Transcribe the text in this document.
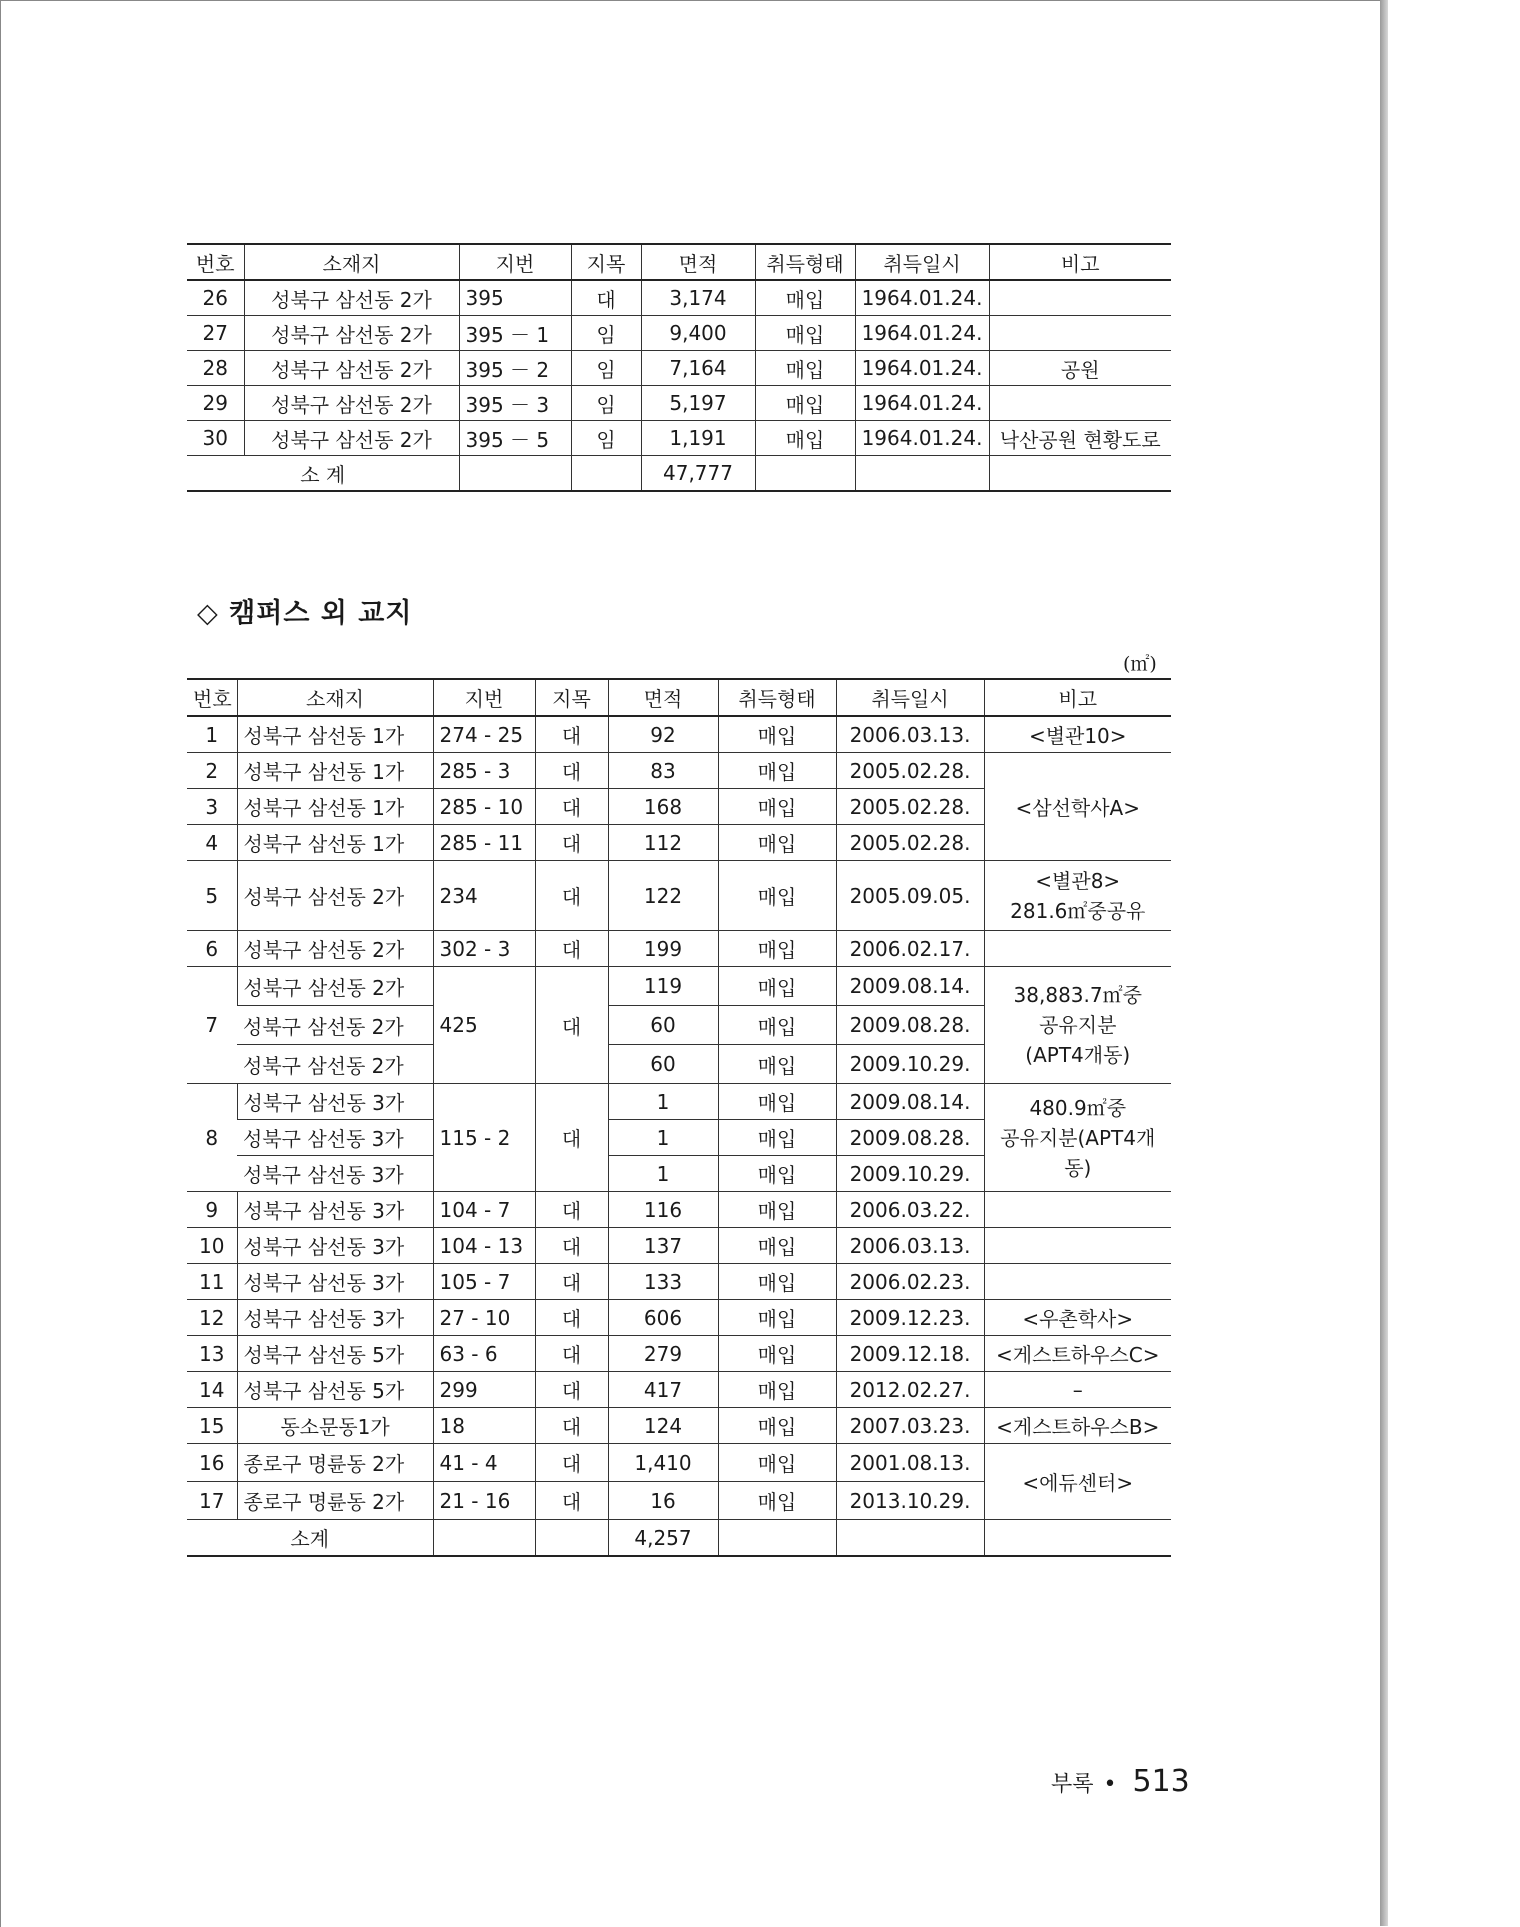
번호	소재지	지번	지목	면적	취득형태	취득일시	비고
26	성북구 삼선동 2가	395	대	3,174	매입	1964.01.24.	
27	성북구 삼선동 2가	395 － 1	임	9,400	매입	1964.01.24.	
28	성북구 삼선동 2가	395 － 2	임	7,164	매입	1964.01.24.	공원
29	성북구 삼선동 2가	395 － 3	임	5,197	매입	1964.01.24.	
30	성북구 삼선동 2가	395 － 5	임	1,191	매입	1964.01.24.	낙산공원 현황도로
소 계				47,777			
◇ 캠퍼스 외 교지
(㎡)
번호	소재지	지번	지목	면적	취득형태	취득일시	비고
1	성북구 삼선동 1가	274 - 25	대	92	매입	2006.03.13.	<별관10>
2	성북구 삼선동 1가	285 - 3	대	83	매입	2005.02.28.	<삼선학사A>
3	성북구 삼선동 1가	285 - 10	대	168	매입	2005.02.28.	
4	성북구 삼선동 1가	285 - 11	대	112	매입	2005.02.28.	
5	성북구 삼선동 2가	234	대	122	매입	2005.09.05.	<별관8>
281.6㎡중공유

6	성북구 삼선동 2가	302 - 3	대	199	매입	2006.02.17.	
7	성북구 삼선동 2가	425	대	119	매입	2009.08.14.	38,883.7㎡중
공유지분
(APT4개동)

	성북구 삼선동 2가			60	매입	2009.08.28.	
	성북구 삼선동 2가			60	매입	2009.10.29.	
8	성북구 삼선동 3가	115 - 2	대	1	매입	2009.08.14.	480.9㎡중
공유지분(APT4개동)

	성북구 삼선동 3가			1	매입	2009.08.28.	
	성북구 삼선동 3가			1	매입	2009.10.29.	
9	성북구 삼선동 3가	104 - 7	대	116	매입	2006.03.22.	
10	성북구 삼선동 3가	104 - 13	대	137	매입	2006.03.13.	
11	성북구 삼선동 3가	105 - 7	대	133	매입	2006.02.23.	
12	성북구 삼선동 3가	27 - 10	대	606	매입	2009.12.23.	<우촌학사>
13	성북구 삼선동 5가	63 - 6	대	279	매입	2009.12.18.	<게스트하우스C>
14	성북구 삼선동 5가	299	대	417	매입	2012.02.27.	–
15	동소문동1가	18	대	124	매입	2007.03.23.	<게스트하우스B>
16	종로구 명륜동 2가	41 - 4	대	1,410	매입	2001.08.13.	<에듀센터>
17	종로구 명륜동 2가	21 - 16	대	16	매입	2013.10.29.	
소계				4,257			
부록 • 513
